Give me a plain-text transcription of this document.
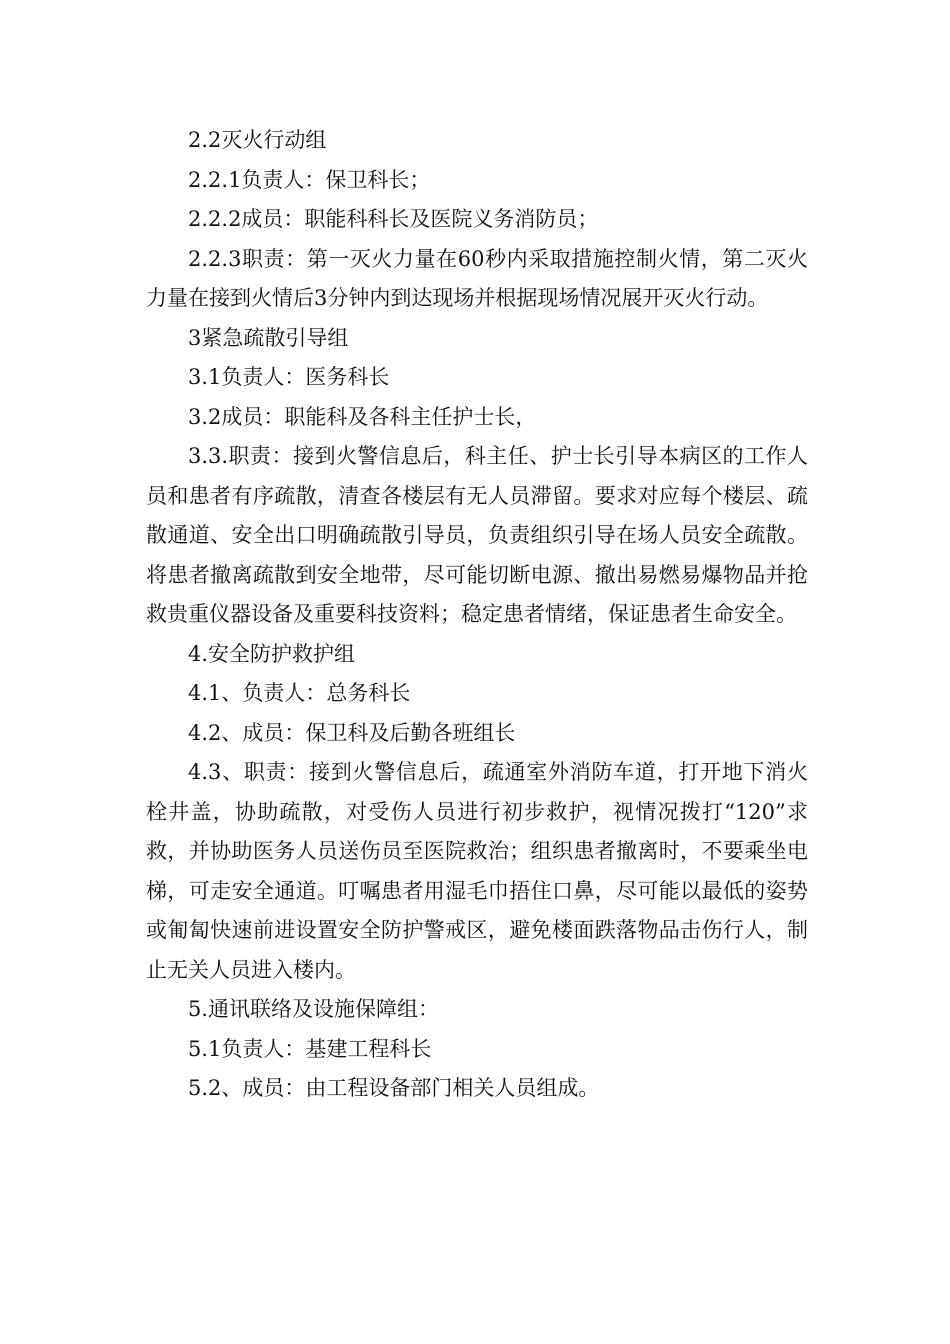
2.2灭火行动组

2.2.1负责人：保卫科长；

2.2.2成员：职能科科长及医院义务消防员；

2.2.3职责：第一灭火力量在60秒内采取措施控制火情，第二灭火力量在接到火情后3分钟内到达现场并根据现场情况展开灭火行动。

3紧急疏散引导组

3.1负责人：医务科长

3.2成员：职能科及各科主任护士长，

3.3.职责：接到火警信息后，科主任、护士长引导本病区的工作人员和患者有序疏散，清查各楼层有无人员滞留。要求对应每个楼层、疏散通道、安全出口明确疏散引导员，负责组织引导在场人员安全疏散。将患者撤离疏散到安全地带，尽可能切断电源、撤出易燃易爆物品并抢救贵重仪器设备及重要科技资料；稳定患者情绪，保证患者生命安全。

4.安全防护救护组

4.1、负责人：总务科长

4.2、成员：保卫科及后勤各班组长

4.3、职责：接到火警信息后，疏通室外消防车道，打开地下消火栓井盖，协助疏散，对受伤人员进行初步救护，视情况拨打“120”求救，并协助医务人员送伤员至医院救治；组织患者撤离时，不要乘坐电梯，可走安全通道。叮嘱患者用湿毛巾捂住口鼻，尽可能以最低的姿势或匍匐快速前进设置安全防护警戒区，避免楼面跌落物品击伤行人，制止无关人员进入楼内。

5.通讯联络及设施保障组：

5.1负责人：基建工程科长

5.2、成员：由工程设备部门相关人员组成。
